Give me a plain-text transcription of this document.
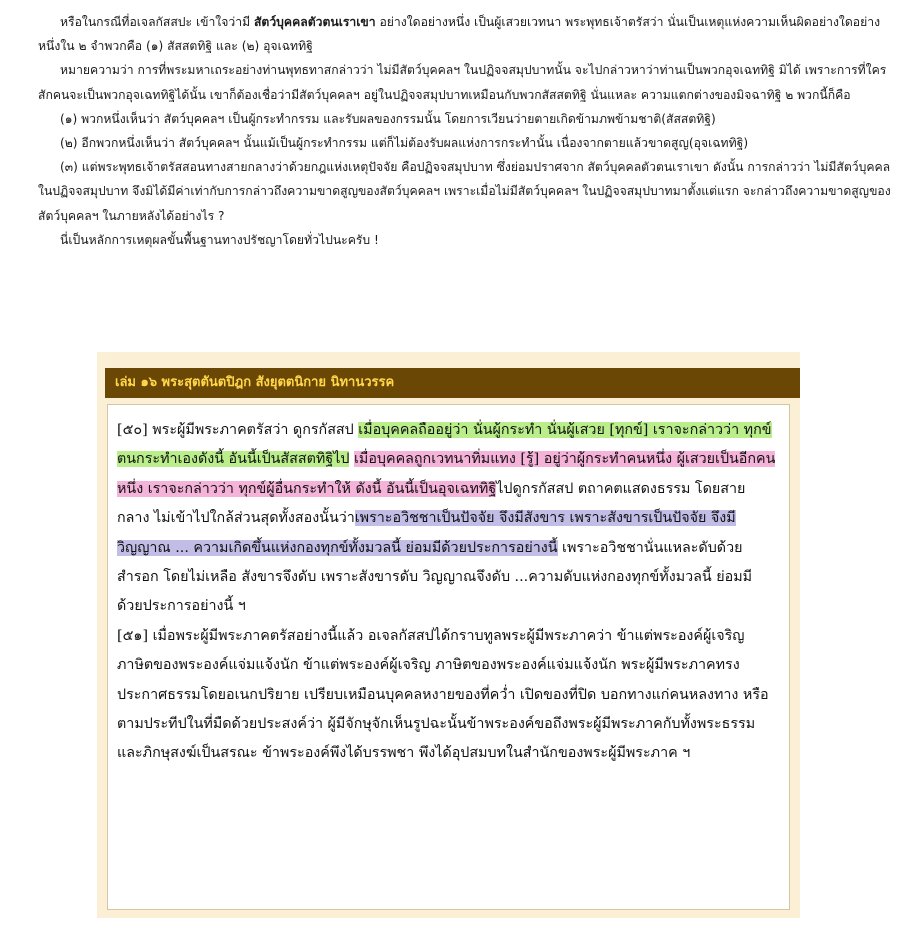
หรือในกรณีที่อเจลกัสสปะ เข้าใจว่ามี สัตว์บุคคลตัวตนเราเขา อย่างใดอย่างหนึ่ง เป็นผู้เสวยเวทนา พระพุทธเจ้าตรัสว่า นั่นเป็นเหตุแห่งความเห็นผิดอย่างใดอย่างหนึ่งใน ๒ จำพวกคือ (๑) สัสสตทิฐิ และ (๒) อุจเฉททิฐิ

หมายความว่า การที่พระมหาเถระอย่างท่านพุทธทาสกล่าวว่า ไม่มีสัตว์บุคคลฯ ในปฏิจจสมุปบาทนั้น จะไปกล่าวหาว่าท่านเป็นพวกอุจเฉททิฐิ มิได้ เพราะการที่ใครสักคนจะเป็นพวกอุจเฉททิฐิได้นั้น เขาก็ต้องเชื่อว่ามีสัตว์บุคคลฯ อยู่ในปฏิจจสมุปบาทเหมือนกับพวกสัสสตทิฐิ นั่นแหละ ความแตกต่างของมิจฉาทิฐิ ๒ พวกนี้ก็คือ

(๑) พวกหนึ่งเห็นว่า สัตว์บุคคลฯ เป็นผู้กระทำกรรม และรับผลของกรรมนั้น โดยการเวียนว่ายตายเกิดข้ามภพข้ามชาติ(สัสสตทิฐิ)

(๒) อีกพวกหนึ่งเห็นว่า สัตว์บุคคลฯ นั้นแม้เป็นผู้กระทำกรรม แต่ก็ไม่ต้องรับผลแห่งการกระทำนั้น เนื่องจากตายแล้วขาดสูญ(อุจเฉททิฐิ)

(๓) แต่พระพุทธเจ้าตรัสสอนทางสายกลางว่าด้วยกฎแห่งเหตุปัจจัย คือปฏิจจสมุปบาท ซึ่งย่อมปราศจาก สัตว์บุคคลตัวตนเราเขา ดังนั้น การกล่าวว่า ไม่มีสัตว์บุคคลในปฏิจจสมุปบาท จึงมิได้มีค่าเท่ากับการกล่าวถึงความขาดสูญของสัตว์บุคคลฯ เพราะเมื่อไม่มีสัตว์บุคคลฯ ในปฏิจจสมุปบาทมาตั้งแต่แรก จะกล่าวถึงความขาดสูญของสัตว์บุคคลฯ ในภายหลังได้อย่างไร ?

นี่เป็นหลักการเหตุผลขั้นพื้นฐานทางปรัชญาโดยทั่วไปนะครับ !

เล่ม ๑๖ พระสุตตันตปิฎก สังยุตตนิกาย นิทานวรรค

[๕๐] พระผู้มีพระภาคตรัสว่า ดูกรกัสสป เมื่อบุคคลถืออยู่ว่า นั่นผู้กระทำ นั่นผู้เสวย [ทุกข์] เราจะกล่าวว่า ทุกข์ตนกระทำเองดังนี้ อันนี้เป็นสัสสตทิฐิไป เมื่อบุคคลถูกเวทนาทิ่มแทง [รู้] อยู่ว่าผู้กระทำคนหนึ่ง ผู้เสวยเป็นอีกคนหนึ่ง เราจะกล่าวว่า ทุกข์ผู้อื่นกระทำให้ ดังนี้ อันนี้เป็นอุจเฉททิฐิไปดูกรกัสสป ตถาคตแสดงธรรม โดยสายกลาง ไม่เข้าไปใกล้ส่วนสุดทั้งสองนั้นว่าเพราะอวิชชาเป็นปัจจัย จึงมีสังขาร เพราะสังขารเป็นปัจจัย จึงมีวิญญาณ ... ความเกิดขึ้นแห่งกองทุกข์ทั้งมวลนี้ ย่อมมีด้วยประการอย่างนี้ เพราะอวิชชานั่นแหละดับด้วยสำรอก โดยไม่เหลือ สังขารจึงดับ เพราะสังขารดับ วิญญาณจึงดับ ...ความดับแห่งกองทุกข์ทั้งมวลนี้ ย่อมมีด้วยประการอย่างนี้ ฯ

[๕๑] เมื่อพระผู้มีพระภาคตรัสอย่างนี้แล้ว อเจลกัสสปได้กราบทูลพระผู้มีพระภาคว่า ข้าแต่พระองค์ผู้เจริญ ภาษิตของพระองค์แจ่มแจ้งนัก ข้าแต่พระองค์ผู้เจริญ ภาษิตของพระองค์แจ่มแจ้งนัก พระผู้มีพระภาคทรงประกาศธรรมโดยอเนกปริยาย เปรียบเหมือนบุคคลหงายของที่คว่ำ เปิดของที่ปิด บอกทางแก่คนหลงทาง หรือตามประทีปในที่มืดด้วยประสงค์ว่า ผู้มีจักษุจักเห็นรูปฉะนั้นข้าพระองค์ขอถึงพระผู้มีพระภาคกับทั้งพระธรรมและภิกษุสงฆ์เป็นสรณะ ข้าพระองค์พึงได้บรรพชา พึงได้อุปสมบทในสำนักของพระผู้มีพระภาค ฯ
